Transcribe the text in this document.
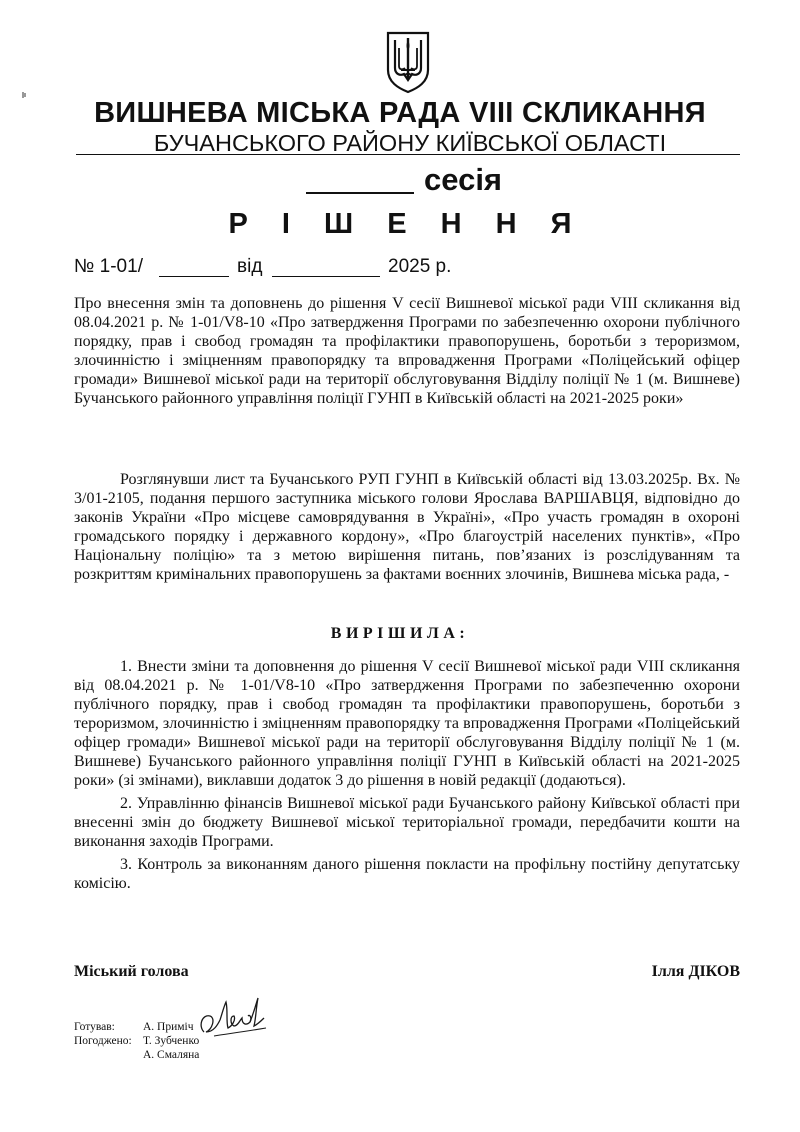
ВИШНЕВА МІСЬКА РАДА VIII СКЛИКАННЯ
БУЧАНСЬКОГО РАЙОНУ КИЇВСЬКОЇ ОБЛАСТІ
сесія
Р І Ш Е Н Н Я
№ 1-01/	від	2025 р.
Про внесення змін та доповнень до рішення V сесії Вишневої міської ради VIII скликання від 08.04.2021 р. № 1-01/V8-10 «Про затвердження Програми по забезпеченню охорони публічного порядку, прав і свобод громадян та профілактики правопорушень, боротьби з тероризмом, злочинністю і зміцненням правопорядку та впровадження Програми «Поліцейський офіцер громади» Вишневої міської ради на території обслуговування Відділу поліції № 1 (м. Вишневе) Бучанського районного управління поліції ГУНП в Київській області на 2021-2025 роки»
Розглянувши лист та Бучанського РУП ГУНП в Київській області від 13.03.2025р. Вх. № 3/01-2105, подання першого заступника міського голови Ярослава ВАРШАВЦЯ, відповідно до законів України «Про місцеве самоврядування в Україні», «Про участь громадян в охороні громадського порядку і державного кордону», «Про благоустрій населених пунктів», «Про Національну поліцію» та з метою вирішення питань, пов’язаних із розслідуванням та розкриттям кримінальних правопорушень за фактами воєнних злочинів, Вишнева міська рада, -
ВИРІШИЛА:

1. Внести зміни та доповнення до рішення V сесії Вишневої міської ради VIII скликання від 08.04.2021 р. № 1-01/V8-10 «Про затвердження Програми по забезпеченню охорони публічного порядку, прав і свобод громадян та профілактики правопорушень, боротьби з тероризмом, злочинністю і зміцненням правопорядку та впровадження Програми «Поліцейський офіцер громади» Вишневої міської ради на території обслуговування Відділу поліції № 1 (м. Вишневе) Бучанського районного управління поліції ГУНП в Київській області на 2021-2025 роки» (зі змінами), виклавши додаток 3 до рішення в новій редакції (додаються).

2. Управлінню фінансів Вишневої міської ради Бучанського району Київської області при внесенні змін до бюджету Вишневої міської територіальної громади, передбачити кошти на виконання заходів Програми.

3. Контроль за виконанням даного рішення покласти на профільну постійну депутатську комісію.

Міський голова	Ілля ДІКОВ
Готував: А. Приміч
Погоджено: Т. Зубченко
А. Смаляна
